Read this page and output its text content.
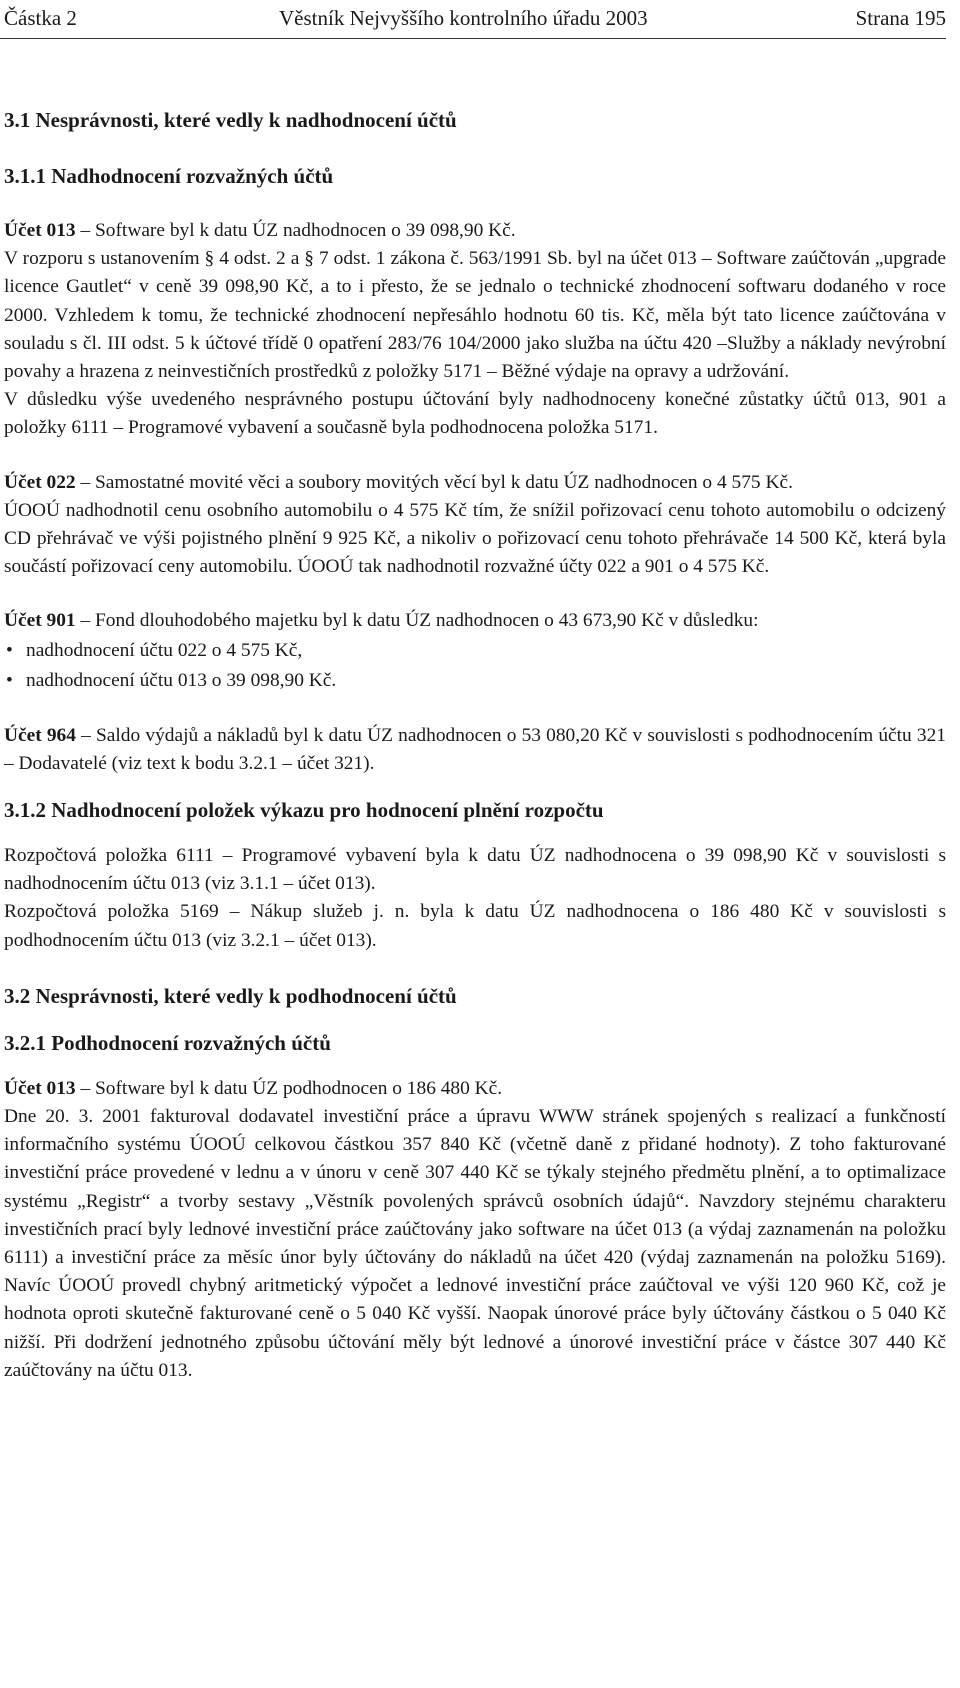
Částka 2	Věstník Nejvyššího kontrolního úřadu 2003	Strana 195
3.1 Nesprávnosti, které vedly k nadhodnocení účtů
3.1.1 Nadhodnocení rozvažných účtů

Účet 013 – Software byl k datu ÚZ nadhodnocen o 39 098,90 Kč.

V rozporu s ustanovením § 4 odst. 2 a § 7 odst. 1 zákona č. 563/1991 Sb. byl na účet 013 – Software zaúčtován „upgrade licence Gautlet“ v ceně 39 098,90 Kč, a to i přesto, že se jednalo o technické zhodnocení softwaru dodaného v roce 2000. Vzhledem k tomu, že technické zhodnocení nepřesáhlo hodnotu 60 tis. Kč, měla být tato licence zaúčtována v souladu s čl. III odst. 5 k účtové třídě 0 opatření 283/76 104/2000 jako služba na účtu 420 –Služby a náklady nevýrobní povahy a hrazena z neinvestičních prostředků z položky 5171 – Běžné výdaje na opravy a udržování.

V důsledku výše uvedeného nesprávného postupu účtování byly nadhodnoceny konečné zůstatky účtů 013, 901 a položky 6111 – Programové vybavení a současně byla podhodnocena položka 5171.

Účet 022 – Samostatné movité věci a soubory movitých věcí byl k datu ÚZ nadhodnocen o 4 575 Kč.

ÚOOÚ nadhodnotil cenu osobního automobilu o 4 575 Kč tím, že snížil pořizovací cenu tohoto automobilu o odcizený CD přehrávač ve výši pojistného plnění 9 925 Kč, a nikoliv o pořizovací cenu tohoto přehrávače 14 500 Kč, která byla součástí pořizovací ceny automobilu. ÚOOÚ tak nadhodnotil rozvažné účty 022 a 901 o 4 575 Kč.

Účet 901 – Fond dlouhodobého majetku byl k datu ÚZ nadhodnocen o 43 673,90 Kč v důsledku:

• nadhodnocení účtu 022 o 4 575 Kč,
• nadhodnocení účtu 013 o 39 098,90 Kč.

Účet 964 – Saldo výdajů a nákladů byl k datu ÚZ nadhodnocen o 53 080,20 Kč v souvislosti s podhodnocením účtu 321 – Dodavatelé (viz text k bodu 3.2.1 – účet 321).

3.1.2 Nadhodnocení položek výkazu pro hodnocení plnění rozpočtu

Rozpočtová položka 6111 – Programové vybavení byla k datu ÚZ nadhodnocena o 39 098,90 Kč v souvislosti s nadhodnocením účtu 013 (viz 3.1.1 – účet 013).

Rozpočtová položka 5169 – Nákup služeb j. n. byla k datu ÚZ nadhodnocena o 186 480 Kč v souvislosti s podhodnocením účtu 013 (viz 3.2.1 – účet 013).

3.2 Nesprávnosti, které vedly k podhodnocení účtů
3.2.1 Podhodnocení rozvažných účtů

Účet 013 – Software byl k datu ÚZ podhodnocen o 186 480 Kč.

Dne 20. 3. 2001 fakturoval dodavatel investiční práce a úpravu WWW stránek spojených s realizací a funkčností informačního systému ÚOOÚ celkovou částkou 357 840 Kč (včetně daně z přidané hodnoty). Z toho fakturované investiční práce provedené v lednu a v únoru v ceně 307 440 Kč se týkaly stejného předmětu plnění, a to optimalizace systému „Registr“ a tvorby sestavy „Věstník povolených správců osobních údajů“. Navzdory stejnému charakteru investičních prací byly lednové investiční práce zaúčtovány jako software na účet 013 (a výdaj zaznamenán na položku 6111) a investiční práce za měsíc únor byly účtovány do nákladů na účet 420 (výdaj zaznamenán na položku 5169). Navíc ÚOOÚ provedl chybný aritmetický výpočet a lednové investiční práce zaúčtoval ve výši 120 960 Kč, což je hodnota oproti skutečně fakturované ceně o 5 040 Kč vyšší. Naopak únorové práce byly účtovány částkou o 5 040 Kč nižší. Při dodržení jednotného způsobu účtování měly být lednové a únorové investiční práce v částce 307 440 Kč zaúčtovány na účtu 013.
